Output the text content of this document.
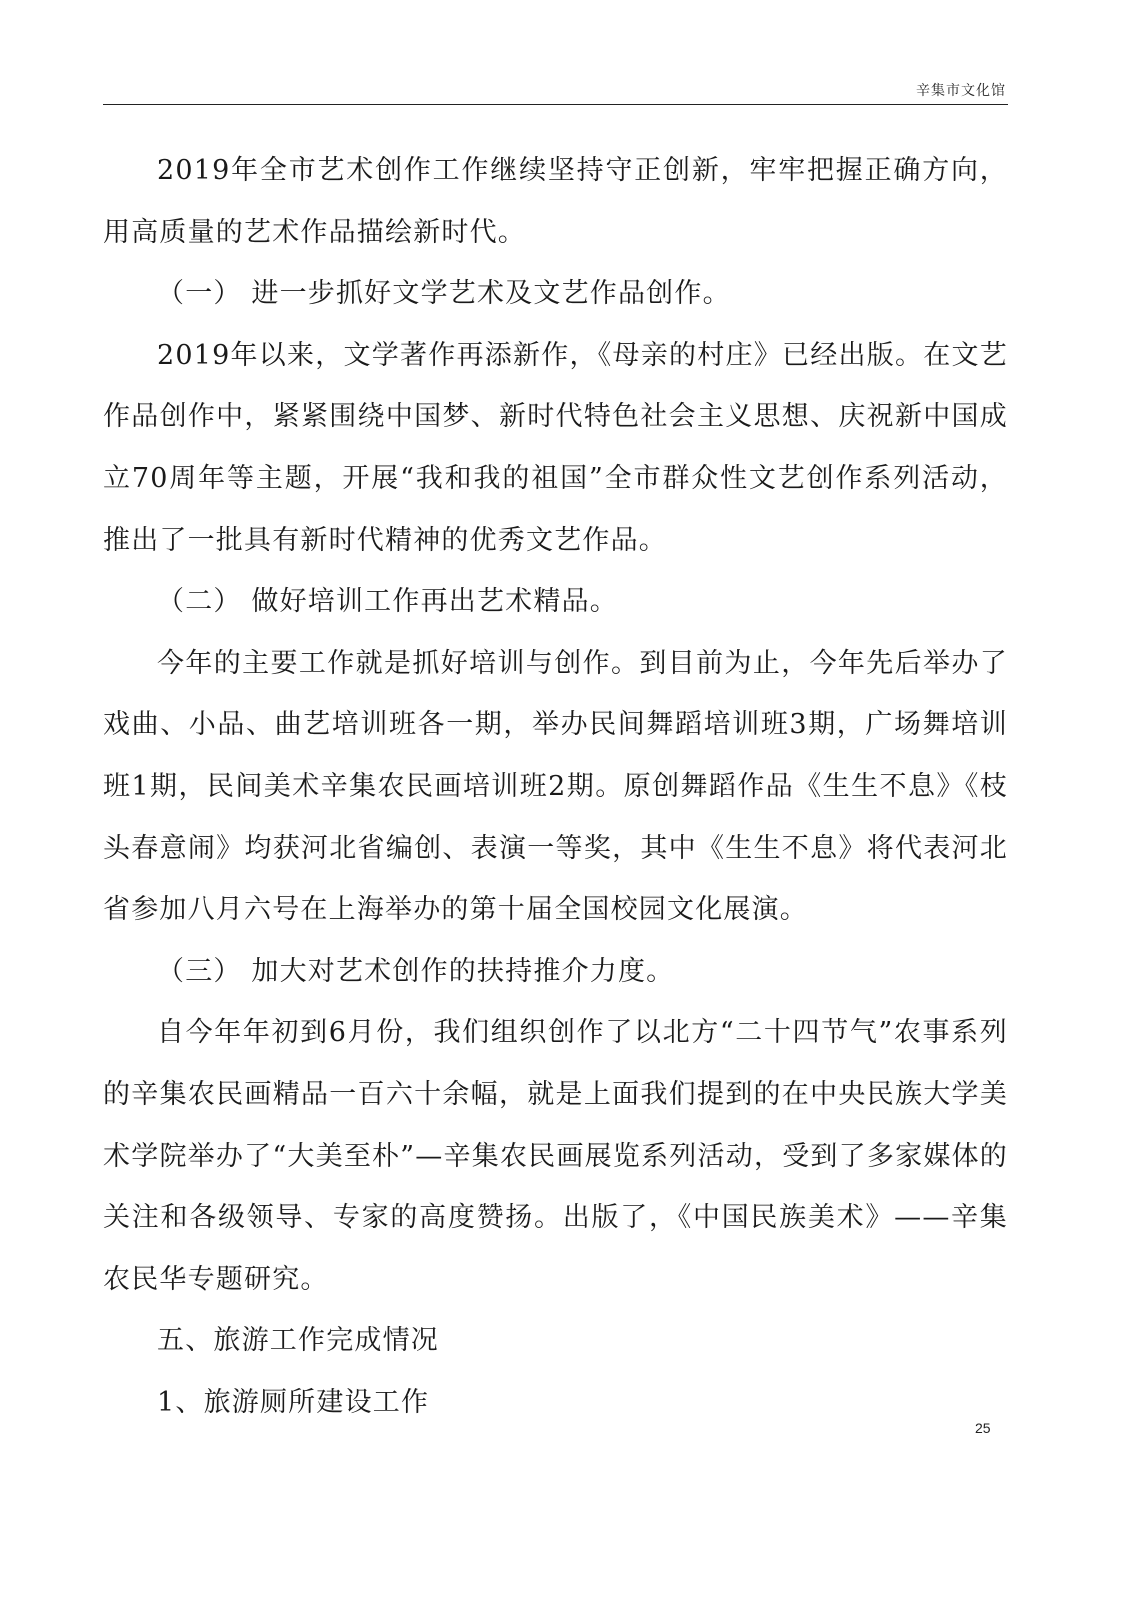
辛集市文化馆

2019年全市艺术创作工作继续坚持守正创新，牢牢把握正确方向，用高质量的艺术作品描绘新时代。

（一） 进一步抓好文学艺术及文艺作品创作。

2019年以来，文学著作再添新作，《母亲的村庄》已经出版。在文艺作品创作中，紧紧围绕中国梦、新时代特色社会主义思想、庆祝新中国成立70周年等主题，开展“我和我的祖国”全市群众性文艺创作系列活动，推出了一批具有新时代精神的优秀文艺作品。

（二） 做好培训工作再出艺术精品。

今年的主要工作就是抓好培训与创作。到目前为止，今年先后举办了戏曲、小品、曲艺培训班各一期，举办民间舞蹈培训班3期，广场舞培训班1期，民间美术辛集农民画培训班2期。原创舞蹈作品《生生不息》《枝头春意闹》均获河北省编创、表演一等奖，其中《生生不息》将代表河北省参加八月六号在上海举办的第十届全国校园文化展演。

（三） 加大对艺术创作的扶持推介力度。

自今年年初到6月份，我们组织创作了以北方“二十四节气”农事系列的辛集农民画精品一百六十余幅，就是上面我们提到的在中央民族大学美术学院举办了“大美至朴”—辛集农民画展览系列活动，受到了多家媒体的关注和各级领导、专家的高度赞扬。出版了，《中国民族美术》——辛集农民华专题研究。

五、旅游工作完成情况

1、旅游厕所建设工作

25
